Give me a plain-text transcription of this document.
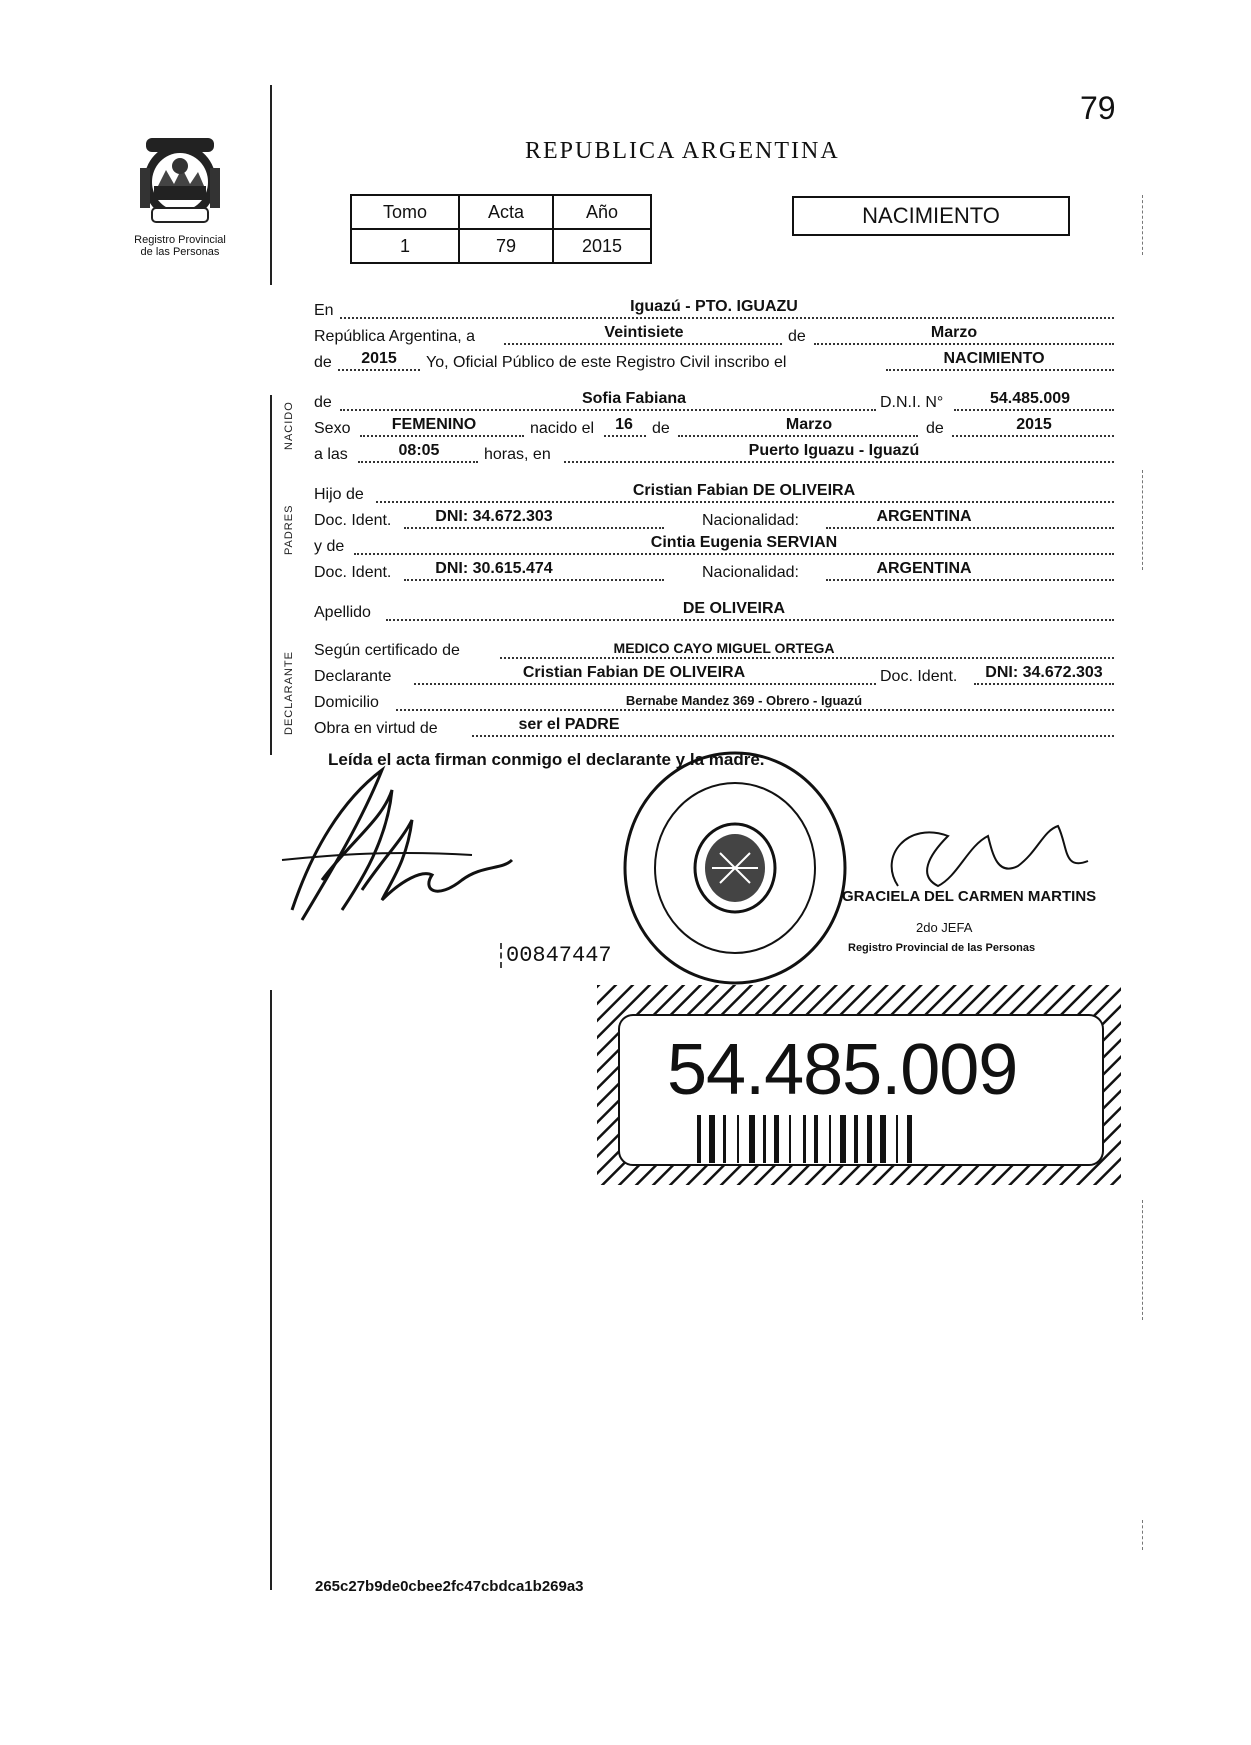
79
REPUBLICA ARGENTINA
Registro Provincial
de las Personas
Tomo	Acta	Año
1	79	2015
NACIMIENTO
NACIDO
PADRES
DECLARANTE
En	Iguazú - PTO. IGUAZU
República Argentina, a	Veintisiete	de	Marzo
de	2015	Yo, Oficial Público de este Registro Civil inscribo el	NACIMIENTO
de	Sofia Fabiana	D.N.I. N°	54.485.009
Sexo	FEMENINO	nacido el	16	de	Marzo	de	2015
a las	08:05	horas, en	Puerto Iguazu - Iguazú
Hijo de	Cristian Fabian DE OLIVEIRA
Doc. Ident.	DNI: 34.672.303	Nacionalidad:	ARGENTINA
y de	Cintia Eugenia SERVIAN
Doc. Ident.	DNI: 30.615.474	Nacionalidad:	ARGENTINA
Apellido	DE OLIVEIRA
Según certificado de	MEDICO CAYO MIGUEL ORTEGA
Declarante	Cristian Fabian DE OLIVEIRA	Doc. Ident.	DNI: 34.672.303
Domicilio	Bernabe Mandez 369 - Obrero - Iguazú
Obra en virtud de	ser el PADRE
Leída el acta firman conmigo el declarante y la madre.
00847447
GRACIELA DEL CARMEN MARTINS
2do JEFA
Registro Provincial de las Personas
54.485.009
265c27b9de0cbee2fc47cbdca1b269a3
